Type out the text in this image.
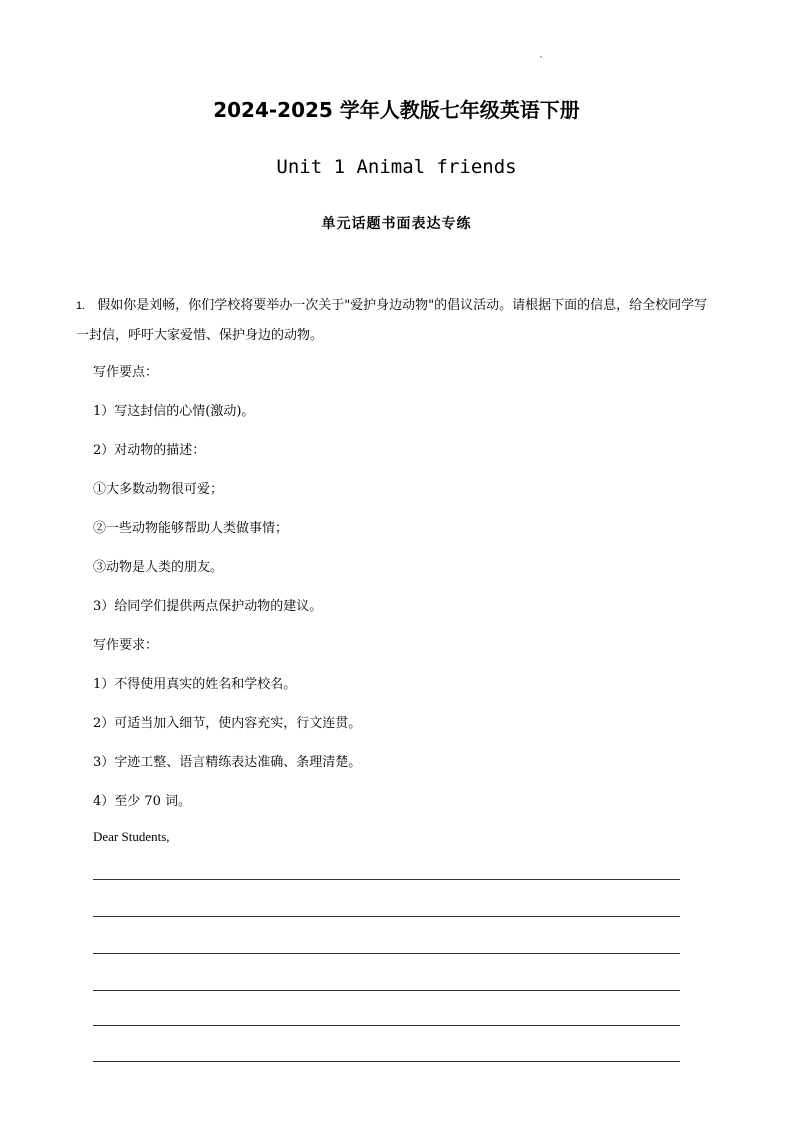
2024-2025 学年人教版七年级英语下册
Unit 1 Animal friends
单元话题书面表达专练
1. 假如你是刘畅，你们学校将要举办一次关于"爱护身边动物"的倡议活动。请根据下面的信息，给全校同学写一封信，呼吁大家爱惜、保护身边的动物。
写作要点：
1）写这封信的心情(激动)。
2）对动物的描述：
①大多数动物很可爱；
②一些动物能够帮助人类做事情；
③动物是人类的朋友。
3）给同学们提供两点保护动物的建议。
写作要求：
1）不得使用真实的姓名和学校名。
2）可适当加入细节，使内容充实，行文连贯。
3）字迹工整、语言精练表达准确、条理清楚。
4）至少 70 词。
Dear Students,
